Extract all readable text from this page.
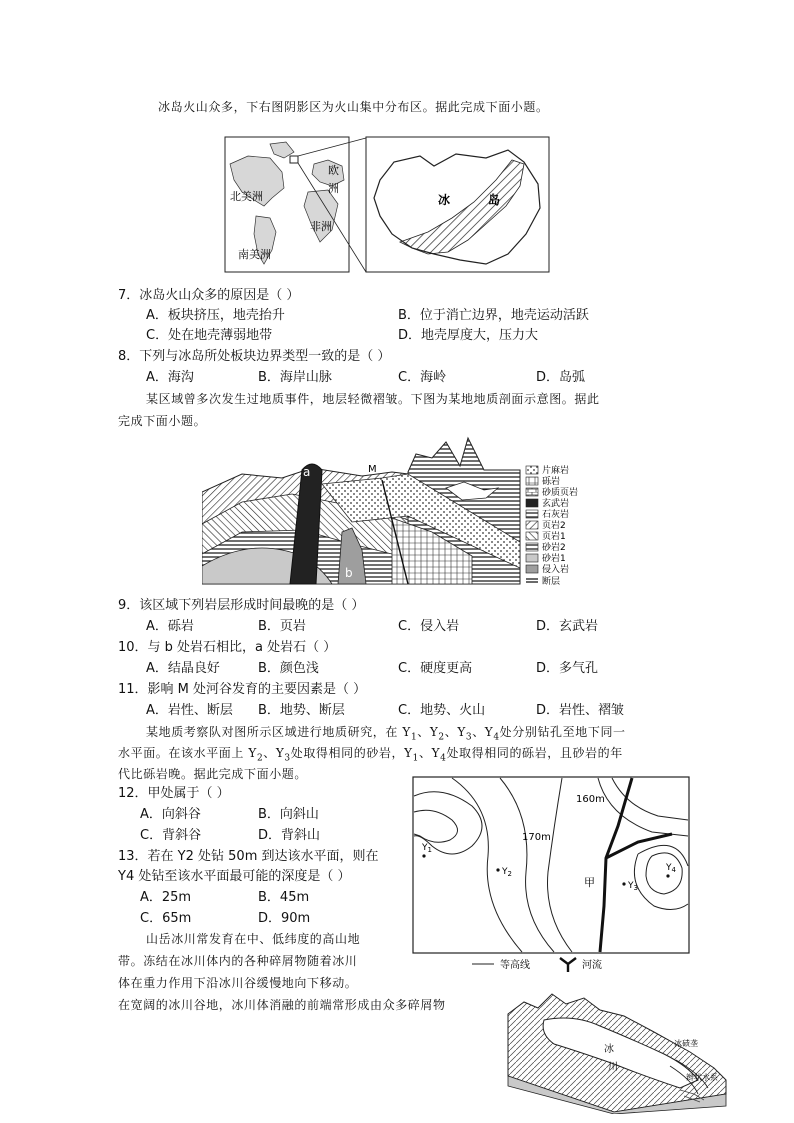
冰岛火山众多，下右图阴影区为火山集中分布区。据此完成下面小题。
北美洲
欧
洲
非洲
南美洲
冰	岛
7．冰岛火山众多的原因是（ ）
A．板块挤压，地壳抬升	B．位于消亡边界，地壳运动活跃
C．处在地壳薄弱地带	D．地壳厚度大，压力大
8．下列与冰岛所处板块边界类型一致的是（ ）
A．海沟	B．海岸山脉	C．海岭	D．岛弧
某区域曾多次发生过地质事件，地层轻微褶皱。下图为某地地质剖面示意图。据此
完成下面小题。
a
b
M	片麻岩
砾岩
砂质页岩
玄武岩
石灰岩
页岩2
页岩1
砂岩2
砂岩1
侵入岩
断层
9．该区域下列岩层形成时间最晚的是（ ）
A．砾岩	B．页岩	C．侵入岩	D．玄武岩
10．与 b 处岩石相比，a 处岩石（ ）
A．结晶良好	B．颜色浅	C．硬度更高	D．多气孔
11．影响 M 处河谷发育的主要因素是（ ）
A．岩性、断层 B．地势、断层	C．地势、火山	D．岩性、褶皱
某地质考察队对图所示区域进行地质研究，在 $Y_1$、$Y_2$、$Y_3$、$Y_4$处分别钻孔至地下同一
水平面。在该水平面上 $Y_2$、$Y_3$处取得相同的砂岩，$Y_1$、$Y_4$处取得相同的砾岩，且砂岩的年
代比砾岩晚。据此完成下面小题。
12．甲处属于（ ）
A．向斜谷	B．向斜山
C．背斜谷	D．背斜山
13．若在 Y2 处钻 50m 到达该水平面，则在
Y4 处钻至该水平面最可能的深度是（ ）
A．25m	B．45m
C．65m	D．90m
170m
160m
甲
$Y_1$
$Y_2$
$Y_3$
$Y_4$
等高线	河流
山岳冰川常发育在中、低纬度的高山地
带。冻结在冰川体内的各种碎屑物随着冰川
体在重力作用下沿冰川谷缓慢地向下移动。
在宽阔的冰川谷地，冰川体消融的前端常形成由众多碎屑物
冰
川
冰碛垄
辫状水系
